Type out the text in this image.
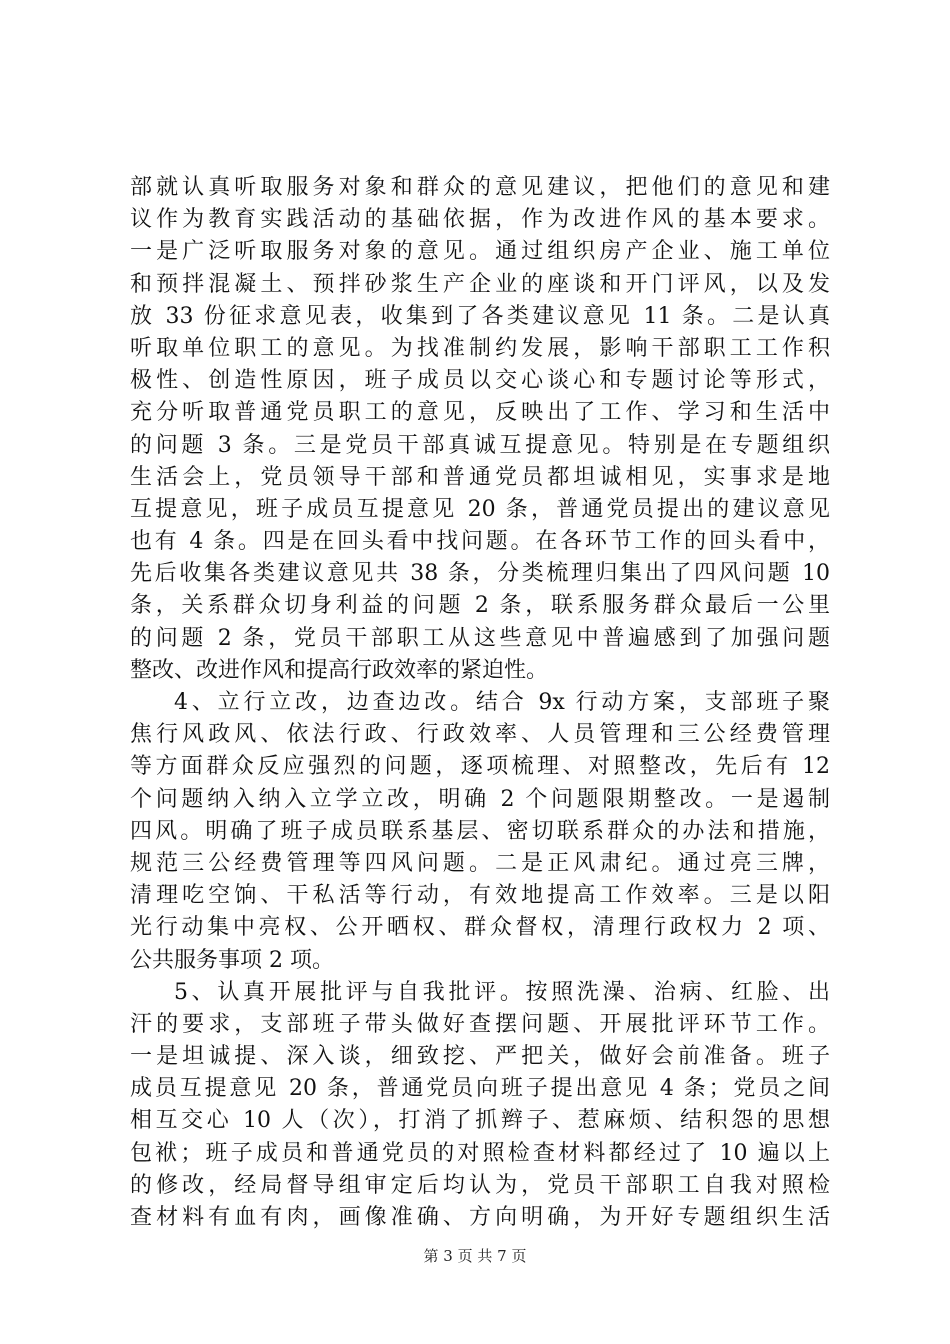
部就认真听取服务对象和群众的意见建议，把他们的意见和建
议作为教育实践活动的基础依据，作为改进作风的基本要求。
一是广泛听取服务对象的意见。通过组织房产企业、施工单位
和预拌混凝土、预拌砂浆生产企业的座谈和开门评风，以及发
放 33 份征求意见表，收集到了各类建议意见 11 条。二是认真
听取单位职工的意见。为找准制约发展，影响干部职工工作积
极性、创造性原因，班子成员以交心谈心和专题讨论等形式，
充分听取普通党员职工的意见，反映出了工作、学习和生活中
的问题 3 条。三是党员干部真诚互提意见。特别是在专题组织
生活会上，党员领导干部和普通党员都坦诚相见，实事求是地
互提意见，班子成员互提意见 20 条，普通党员提出的建议意见
也有 4 条。四是在回头看中找问题。在各环节工作的回头看中，
先后收集各类建议意见共 38 条，分类梳理归集出了四风问题 10
条，关系群众切身利益的问题 2 条，联系服务群众最后一公里
的问题 2 条，党员干部职工从这些意见中普遍感到了加强问题
整改、改进作风和提高行政效率的紧迫性。
4、立行立改，边查边改。结合 9x 行动方案，支部班子聚
焦行风政风、依法行政、行政效率、人员管理和三公经费管理
等方面群众反应强烈的问题，逐项梳理、对照整改，先后有 12
个问题纳入纳入立学立改，明确 2 个问题限期整改。一是遏制
四风。明确了班子成员联系基层、密切联系群众的办法和措施，
规范三公经费管理等四风问题。二是正风肃纪。通过亮三牌，
清理吃空饷、干私活等行动，有效地提高工作效率。三是以阳
光行动集中亮权、公开晒权、群众督权，清理行政权力 2 项、
公共服务事项 2 项。
5、认真开展批评与自我批评。按照洗澡、治病、红脸、出
汗的要求，支部班子带头做好查摆问题、开展批评环节工作。
一是坦诚提、深入谈，细致挖、严把关，做好会前准备。班子
成员互提意见 20 条，普通党员向班子提出意见 4 条；党员之间
相互交心 10 人（次），打消了抓辫子、惹麻烦、结积怨的思想
包袱；班子成员和普通党员的对照检查材料都经过了 10 遍以上
的修改，经局督导组审定后均认为，党员干部职工自我对照检
查材料有血有肉，画像准确、方向明确，为开好专题组织生活
第 3 页 共 7 页
